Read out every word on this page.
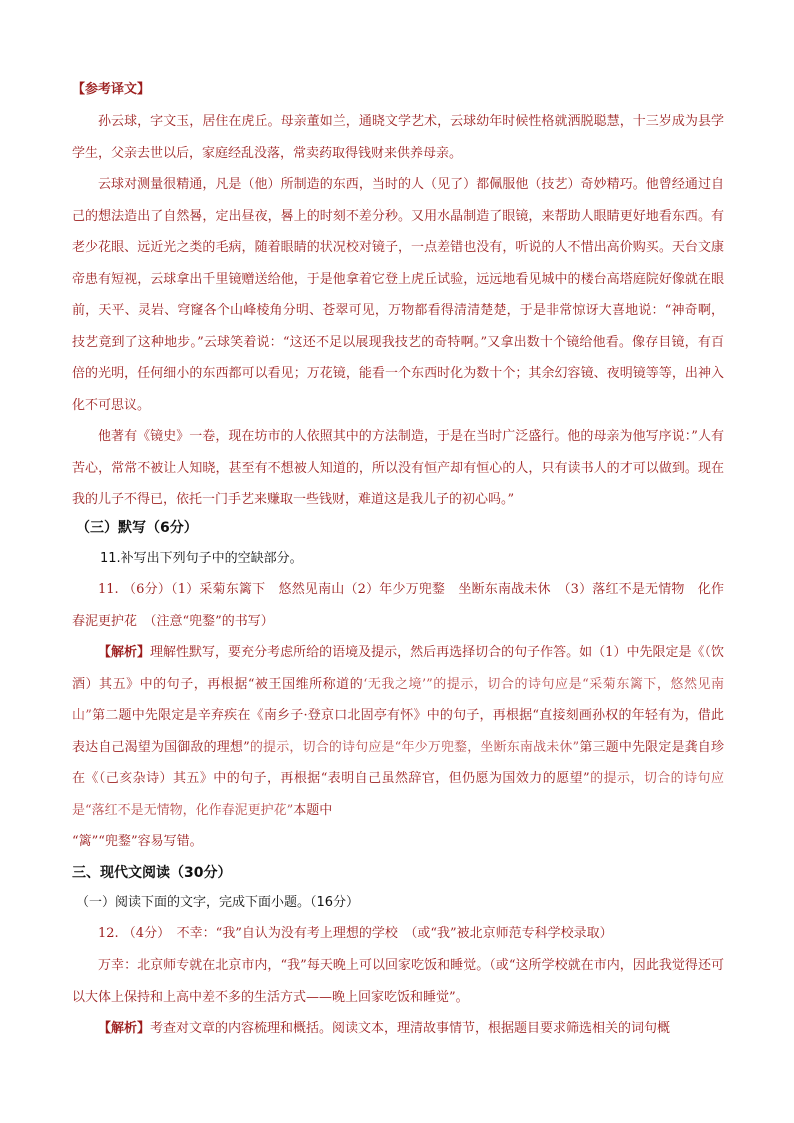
【参考译文】

孙云球，字文玉，居住在虎丘。母亲董如兰，通晓文学艺术，云球幼年时候性格就洒脱聪慧，十三岁成为县学学生，父亲去世以后，家庭经乱没落，常卖药取得钱财来供养母亲。

云球对测量很精通，凡是（他）所制造的东西，当时的人（见了）都佩服他（技艺）奇妙精巧。他曾经通过自己的想法造出了自然晷，定出昼夜，晷上的时刻不差分秒。又用水晶制造了眼镜，来帮助人眼睛更好地看东西。有老少花眼、远近光之类的毛病，随着眼睛的状况校对镜子，一点差错也没有，听说的人不惜出高价购买。天台文康帝患有短视，云球拿出千里镜赠送给他，于是他拿着它登上虎丘试验，远远地看见城中的楼台高塔庭院好像就在眼前，天平、灵岩、穹窿各个山峰棱角分明、苍翠可见，万物都看得清清楚楚，于是非常惊讶大喜地说：“神奇啊，技艺竟到了这种地步。”云球笑着说：“这还不足以展现我技艺的奇特啊。”又拿出数十个镜给他看。像存目镜，有百倍的光明，任何细小的东西都可以看见；万花镜，能看一个东西时化为数十个；其余幻容镜、夜明镜等等，出神入化不可思议。

他著有《镜史》一卷，现在坊市的人依照其中的方法制造，于是在当时广泛盛行。他的母亲为他写序说：”人有苦心，常常不被让人知晓，甚至有不想被人知道的，所以没有恒产却有恒心的人，只有读书人的才可以做到。现在我的儿子不得已，依托一门手艺来赚取一些钱财，难道这是我儿子的初心吗。”

（三）默写（6分）

11.补写出下列句子中的空缺部分。

11. （6分）（1）采菊东篱下　悠然见南山（2）年少万兜鍪　坐断东南战未休　（3）落红不是无情物　化作春泥更护花　（注意“兜鍪”的书写）

【解析】理解性默写，要充分考虑所给的语境及提示，然后再选择切合的句子作答。如（1）中先限定是《（饮酒）其五》中的句子，再根据“被王国维所称道的‘无我之境’”的提示，切合的诗句应是“采菊东篱下，悠然见南山”第二题中先限定是辛弃疾在《南乡子·登京口北固亭有怀》中的句子，再根据“直接刻画孙权的年轻有为，借此表达自己渴望为国御敌的理想”的提示，切合的诗句应是“年少万兜鍪，坐断东南战未休”第三题中先限定是龚自珍在《（己亥杂诗）其五》中的句子，再根据“表明自己虽然辞官，但仍愿为国效力的愿望”的提示，切合的诗句应是“落红不是无情物，化作春泥更护花”本题中

“篱”“兜鍪”容易写错。

三、现代文阅读（30分）

（一）阅读下面的文字，完成下面小题。（16分）

12. （4分）　不幸：“我”自认为没有考上理想的学校　（或“我”被北京师范专科学校录取）

万幸：北京师专就在北京市内，“我”每天晚上可以回家吃饭和睡觉。（或“这所学校就在市内，因此我觉得还可以大体上保持和上高中差不多的生活方式——晚上回家吃饭和睡觉”。

【解析】考查对文章的内容梳理和概括。阅读文本，理清故事情节，根据题目要求筛选相关的词句概
